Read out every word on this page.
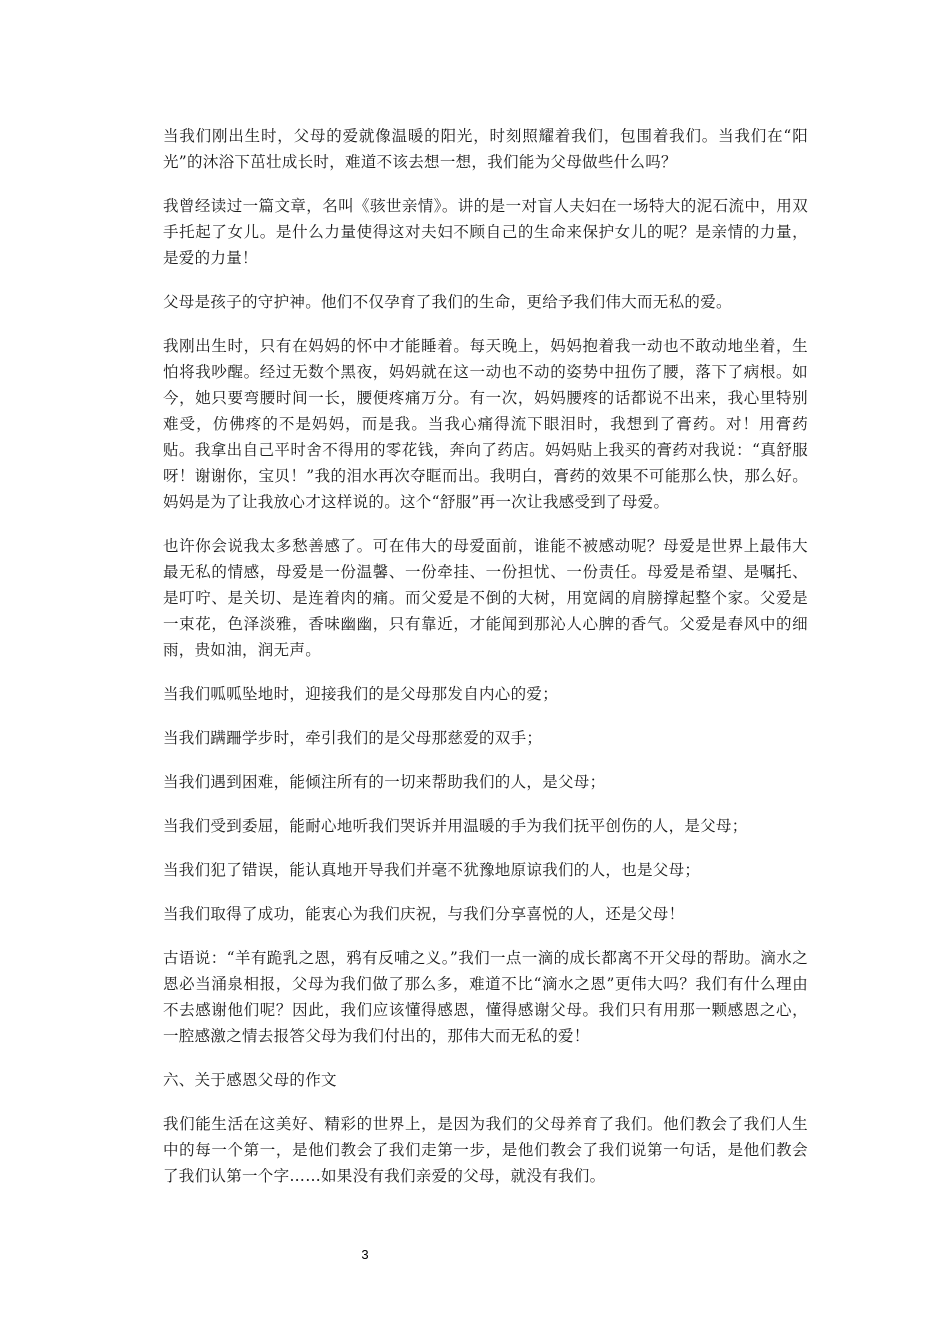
当我们刚出生时，父母的爱就像温暖的阳光，时刻照耀着我们，包围着我们。当我们在“阳光”的沐浴下茁壮成长时，难道不该去想一想，我们能为父母做些什么吗？

我曾经读过一篇文章，名叫《骇世亲情》。讲的是一对盲人夫妇在一场特大的泥石流中，用双手托起了女儿。是什么力量使得这对夫妇不顾自己的生命来保护女儿的呢？是亲情的力量，是爱的力量！

父母是孩子的守护神。他们不仅孕育了我们的生命，更给予我们伟大而无私的爱。

我刚出生时，只有在妈妈的怀中才能睡着。每天晚上，妈妈抱着我一动也不敢动地坐着，生怕将我吵醒。经过无数个黑夜，妈妈就在这一动也不动的姿势中扭伤了腰，落下了病根。如今，她只要弯腰时间一长，腰便疼痛万分。有一次，妈妈腰疼的话都说不出来，我心里特别难受，仿佛疼的不是妈妈，而是我。当我心痛得流下眼泪时，我想到了膏药。对！用膏药贴。我拿出自己平时舍不得用的零花钱，奔向了药店。妈妈贴上我买的膏药对我说：“真舒服呀！谢谢你，宝贝！”我的泪水再次夺眶而出。我明白，膏药的效果不可能那么快，那么好。妈妈是为了让我放心才这样说的。这个“舒服”再一次让我感受到了母爱。

也许你会说我太多愁善感了。可在伟大的母爱面前，谁能不被感动呢？母爱是世界上最伟大最无私的情感，母爱是一份温馨、一份牵挂、一份担忧、一份责任。母爱是希望、是嘱托、是叮咛、是关切、是连着肉的痛。而父爱是不倒的大树，用宽阔的肩膀撑起整个家。父爱是一束花，色泽淡雅，香味幽幽，只有靠近，才能闻到那沁人心脾的香气。父爱是春风中的细雨，贵如油，润无声。

当我们呱呱坠地时，迎接我们的是父母那发自内心的爱；

当我们蹒跚学步时，牵引我们的是父母那慈爱的双手；

当我们遇到困难，能倾注所有的一切来帮助我们的人，是父母；

当我们受到委屈，能耐心地听我们哭诉并用温暖的手为我们抚平创伤的人，是父母；

当我们犯了错误，能认真地开导我们并毫不犹豫地原谅我们的人，也是父母；

当我们取得了成功，能衷心为我们庆祝，与我们分享喜悦的人，还是父母！

古语说：“羊有跪乳之恩，鸦有反哺之义。”我们一点一滴的成长都离不开父母的帮助。滴水之恩必当涌泉相报，父母为我们做了那么多，难道不比“滴水之恩”更伟大吗？我们有什么理由不去感谢他们呢？因此，我们应该懂得感恩，懂得感谢父母。我们只有用那一颗感恩之心，一腔感激之情去报答父母为我们付出的，那伟大而无私的爱！

六、关于感恩父母的作文

我们能生活在这美好、精彩的世界上，是因为我们的父母养育了我们。他们教会了我们人生中的每一个第一，是他们教会了我们走第一步，是他们教会了我们说第一句话，是他们教会了我们认第一个字……如果没有我们亲爱的父母，就没有我们。

3
